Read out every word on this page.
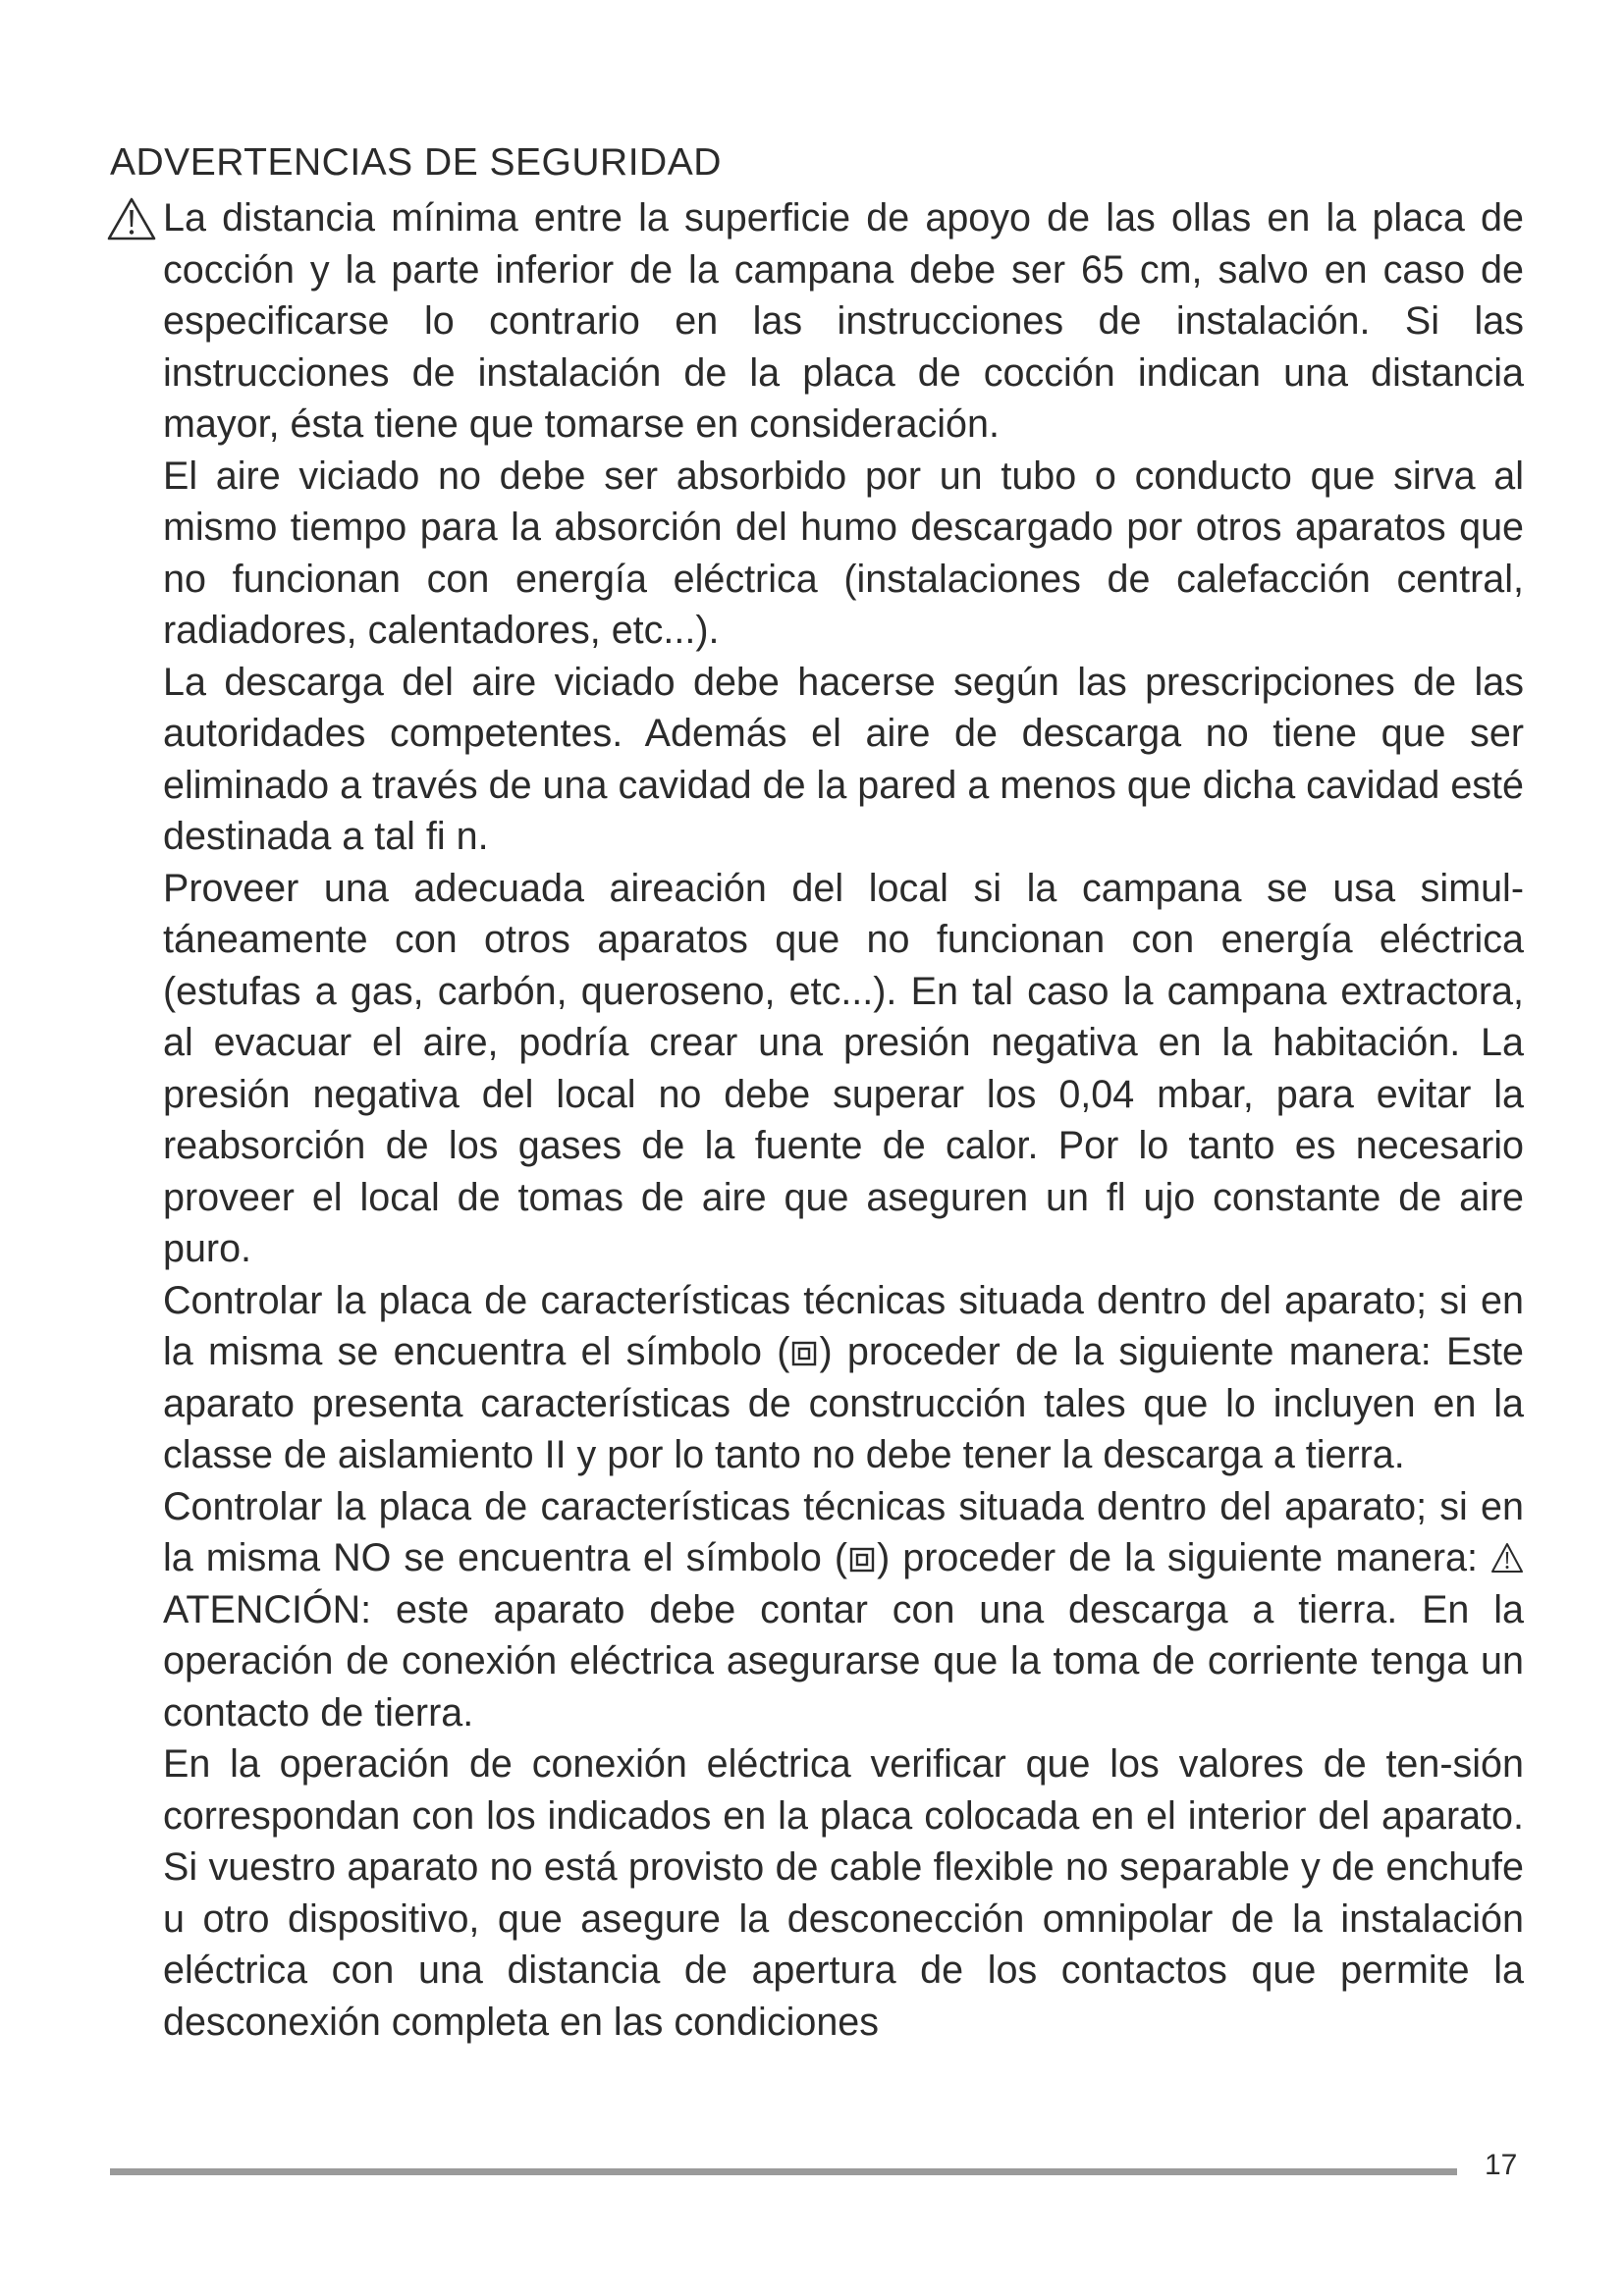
ADVERTENCIAS DE SEGURIDAD

La distancia mínima entre la superficie de apoyo de las ollas en la placa de cocción y la parte inferior de la campana debe ser 65 cm, salvo en caso de especificarse lo contrario en las instrucciones de instalación. Si las instrucciones de instalación de la placa de cocción indican una distancia mayor, ésta tiene que tomarse en consideración.

El aire viciado no debe ser absorbido por un tubo o conducto que sirva al mismo tiempo para la absorción del humo descargado por otros aparatos que no funcionan con energía eléctrica (instalaciones de calefacción central, radiadores, calentadores, etc...).

La descarga del aire viciado debe hacerse según las prescripciones de las autoridades competentes. Además el aire de descarga no tiene que ser eliminado a través de una cavidad de la pared a menos que dicha cavidad esté destinada a tal fi n.

Proveer una adecuada aireación del local si la campana se usa simul-táneamente con otros aparatos que no funcionan con energía eléctrica (estufas a gas, carbón, queroseno, etc...). En tal caso la campana extractora, al evacuar el aire, podría crear una presión negativa en la habitación. La presión negativa del local no debe superar los 0,04 mbar, para evitar la reabsorción de los gases de la fuente de calor. Por lo tanto es necesario proveer el local de tomas de aire que aseguren un fl ujo constante de aire puro.

Controlar la placa de características técnicas situada dentro del aparato; si en la misma se encuentra el símbolo ( ) proceder de la siguiente manera: Este aparato presenta características de construcción tales que lo incluyen en la classe de aislamiento II y por lo tanto no debe tener la descarga a tierra.

Controlar la placa de características técnicas situada dentro del aparato; si en la misma NO se encuentra el símbolo ( ) proceder de la siguiente manera: ATENCIÓN: este aparato debe contar con una descarga a tierra. En la operación de conexión eléctrica asegurarse que la toma de corriente tenga un contacto de tierra.

En la operación de conexión eléctrica verificar que los valores de ten-sión correspondan con los indicados en la placa colocada en el interior del aparato. Si vuestro aparato no está provisto de cable flexible no separable y de enchufe u otro dispositivo, que asegure la desconección omnipolar de la instalación eléctrica con una distancia de apertura de los contactos que permite la desconexión completa en las condiciones

17
